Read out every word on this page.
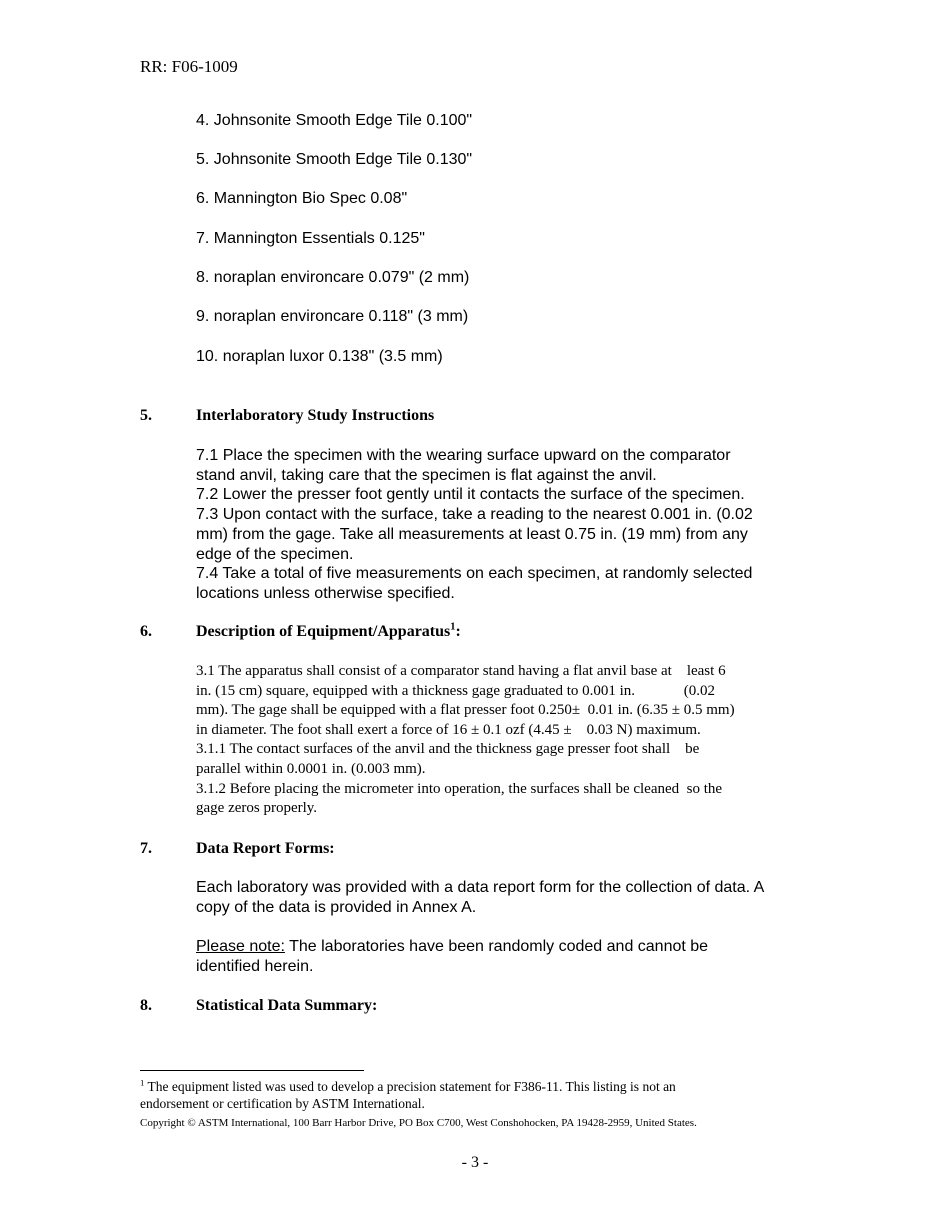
RR: F06-1009
4. Johnsonite Smooth Edge Tile 0.100"
5. Johnsonite Smooth Edge Tile 0.130"
6. Mannington Bio Spec 0.08"
7. Mannington Essentials 0.125"
8. noraplan environcare 0.079" (2 mm)
9. noraplan environcare 0.118" (3 mm)
10. noraplan luxor 0.138" (3.5 mm)
5.	Interlaboratory Study Instructions
7.1 Place the specimen with the wearing surface upward on the comparator
stand anvil, taking care that the specimen is flat against the anvil.
7.2 Lower the presser foot gently until it contacts the surface of the specimen.
7.3 Upon contact with the surface, take a reading to the nearest 0.001 in. (0.02
mm) from the gage. Take all measurements at least 0.75 in. (19 mm) from any
edge of the specimen.
7.4 Take a total of five measurements on each specimen, at randomly selected
locations unless otherwise specified.
6.	Description of Equipment/Apparatus$^1$:
3.1 The apparatus shall consist of a comparator stand having a flat anvil base at    least 6
in. (15 cm) square, equipped with a thickness gage graduated to 0.001 in.             (0.02
mm). The gage shall be equipped with a flat presser foot 0.250±  0.01 in. (6.35 ± 0.5 mm)
in diameter. The foot shall exert a force of 16 ± 0.1 ozf (4.45 ±    0.03 N) maximum.
3.1.1 The contact surfaces of the anvil and the thickness gage presser foot shall    be
parallel within 0.0001 in. (0.003 mm).
3.1.2 Before placing the micrometer into operation, the surfaces shall be cleaned  so the
gage zeros properly.
7.	Data Report Forms:
Each laboratory was provided with a data report form for the collection of data. A
copy of the data is provided in Annex A.
Please note: The laboratories have been randomly coded and cannot be
identified herein.
8.	Statistical Data Summary:
$^1$ The equipment listed was used to develop a precision statement for F386-11. This listing is not an
endorsement or certification by ASTM International.
Copyright © ASTM International, 100 Barr Harbor Drive, PO Box C700, West Conshohocken, PA 19428-2959, United States.
- 3 -
